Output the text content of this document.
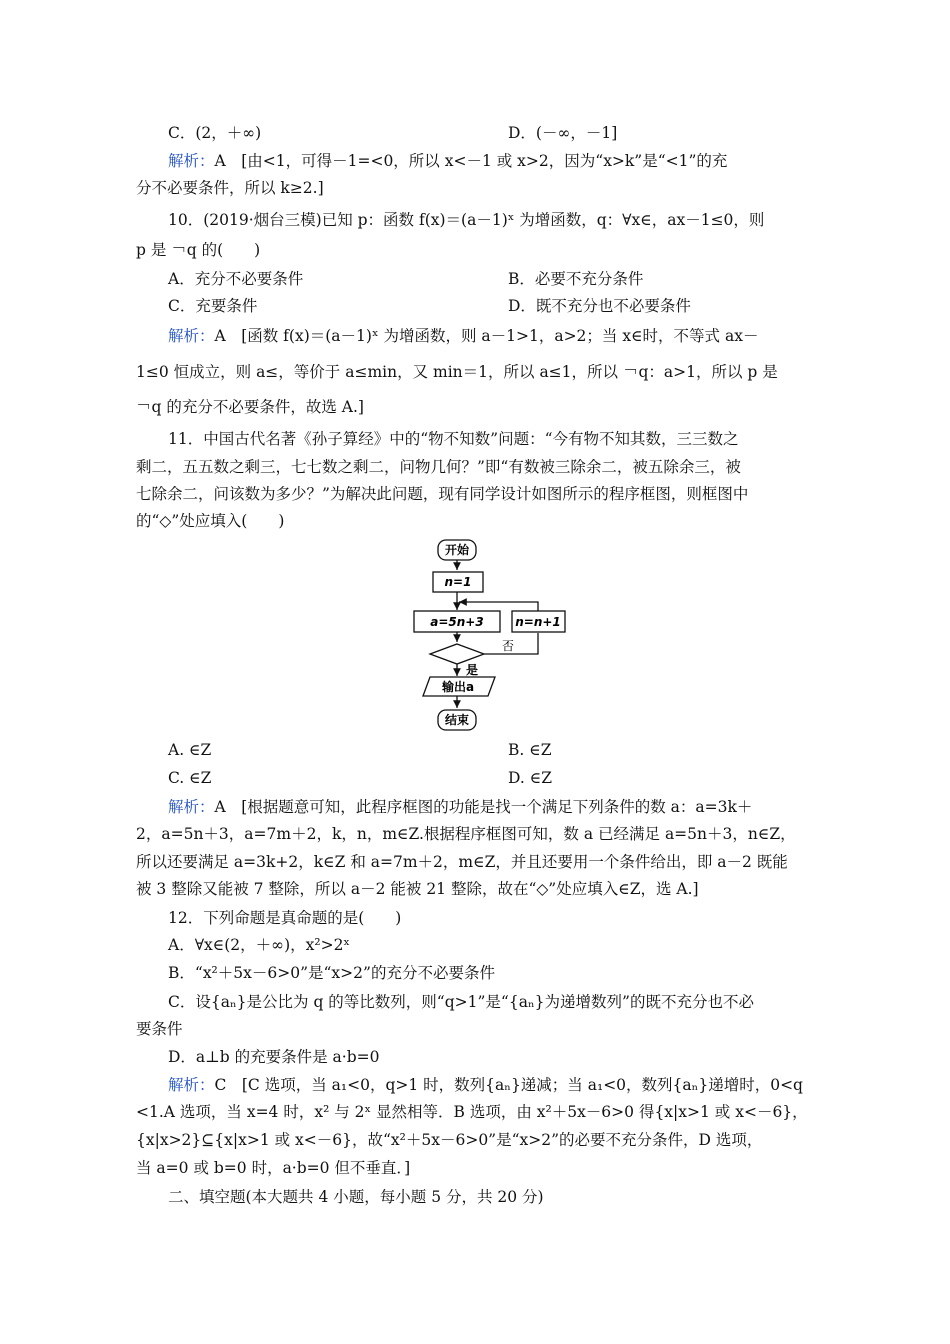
C．(2，＋∞)	D．(－∞，－1]
解析：A　[由<1，可得－1=<0，所以 x<－1 或 x>2，因为“x>k”是“<1”的充
分不必要条件，所以 k≥2.]
10．(2019·烟台三模)已知 p：函数 f(x)＝(a－1)ˣ 为增函数，q：∀x∈，ax－1≤0，则
p 是 ￢q 的(　　)
A．充分不必要条件	B．必要不充分条件
C．充要条件	D．既不充分也不必要条件
解析：A　[函数 f(x)＝(a－1)ˣ 为增函数，则 a－1>1，a>2；当 x∈时，不等式 ax－
1≤0 恒成立，则 a≤，等价于 a≤min，又 min＝1，所以 a≤1，所以 ￢q：a>1，所以 p 是
￢q 的充分不必要条件，故选 A.]
11．中国古代名著《孙子算经》中的“物不知数”问题：“今有物不知其数，三三数之
剩二，五五数之剩三，七七数之剩二，问物几何？”即“有数被三除余二，被五除余三，被
七除余二，问该数为多少？”为解决此问题，现有同学设计如图所示的程序框图，则框图中
的“◇”处应填入(　　)
开始
n=1
a=5n+3	n=n+1
否
是
输出a
结束
A. ∈Z	B. ∈Z
C. ∈Z	D. ∈Z
解析：A　[根据题意可知，此程序框图的功能是找一个满足下列条件的数 a：a=3k＋
2，a=5n＋3，a=7m＋2，k，n，m∈Z.根据程序框图可知，数 a 已经满足 a=5n＋3，n∈Z，
所以还要满足 a=3k+2，k∈Z 和 a=7m＋2，m∈Z，并且还要用一个条件给出，即 a－2 既能
被 3 整除又能被 7 整除，所以 a－2 能被 21 整除，故在“◇”处应填入∈Z，选 A.]
12．下列命题是真命题的是(　　)
A．∀x∈(2，＋∞)，x²>2ˣ
B．“x²＋5x－6>0”是“x>2”的充分不必要条件
C．设{aₙ}是公比为 q 的等比数列，则“q>1”是“{aₙ}为递增数列”的既不充分也不必
要条件
D．a⊥b 的充要条件是 a·b=0
解析：C　[C 选项，当 a₁<0，q>1 时，数列{aₙ}递减；当 a₁<0，数列{aₙ}递增时，0<q
<1.A 选项，当 x=4 时，x² 与 2ˣ 显然相等．B 选项，由 x²＋5x－6>0 得{x|x>1 或 x<－6}，
{x|x>2}⊆{x|x>1 或 x<－6}，故“x²＋5x－6>0”是“x>2”的必要不充分条件，D 选项，
当 a=0 或 b=0 时，a·b=0 但不垂直．]
二、填空题(本大题共 4 小题，每小题 5 分，共 20 分)
